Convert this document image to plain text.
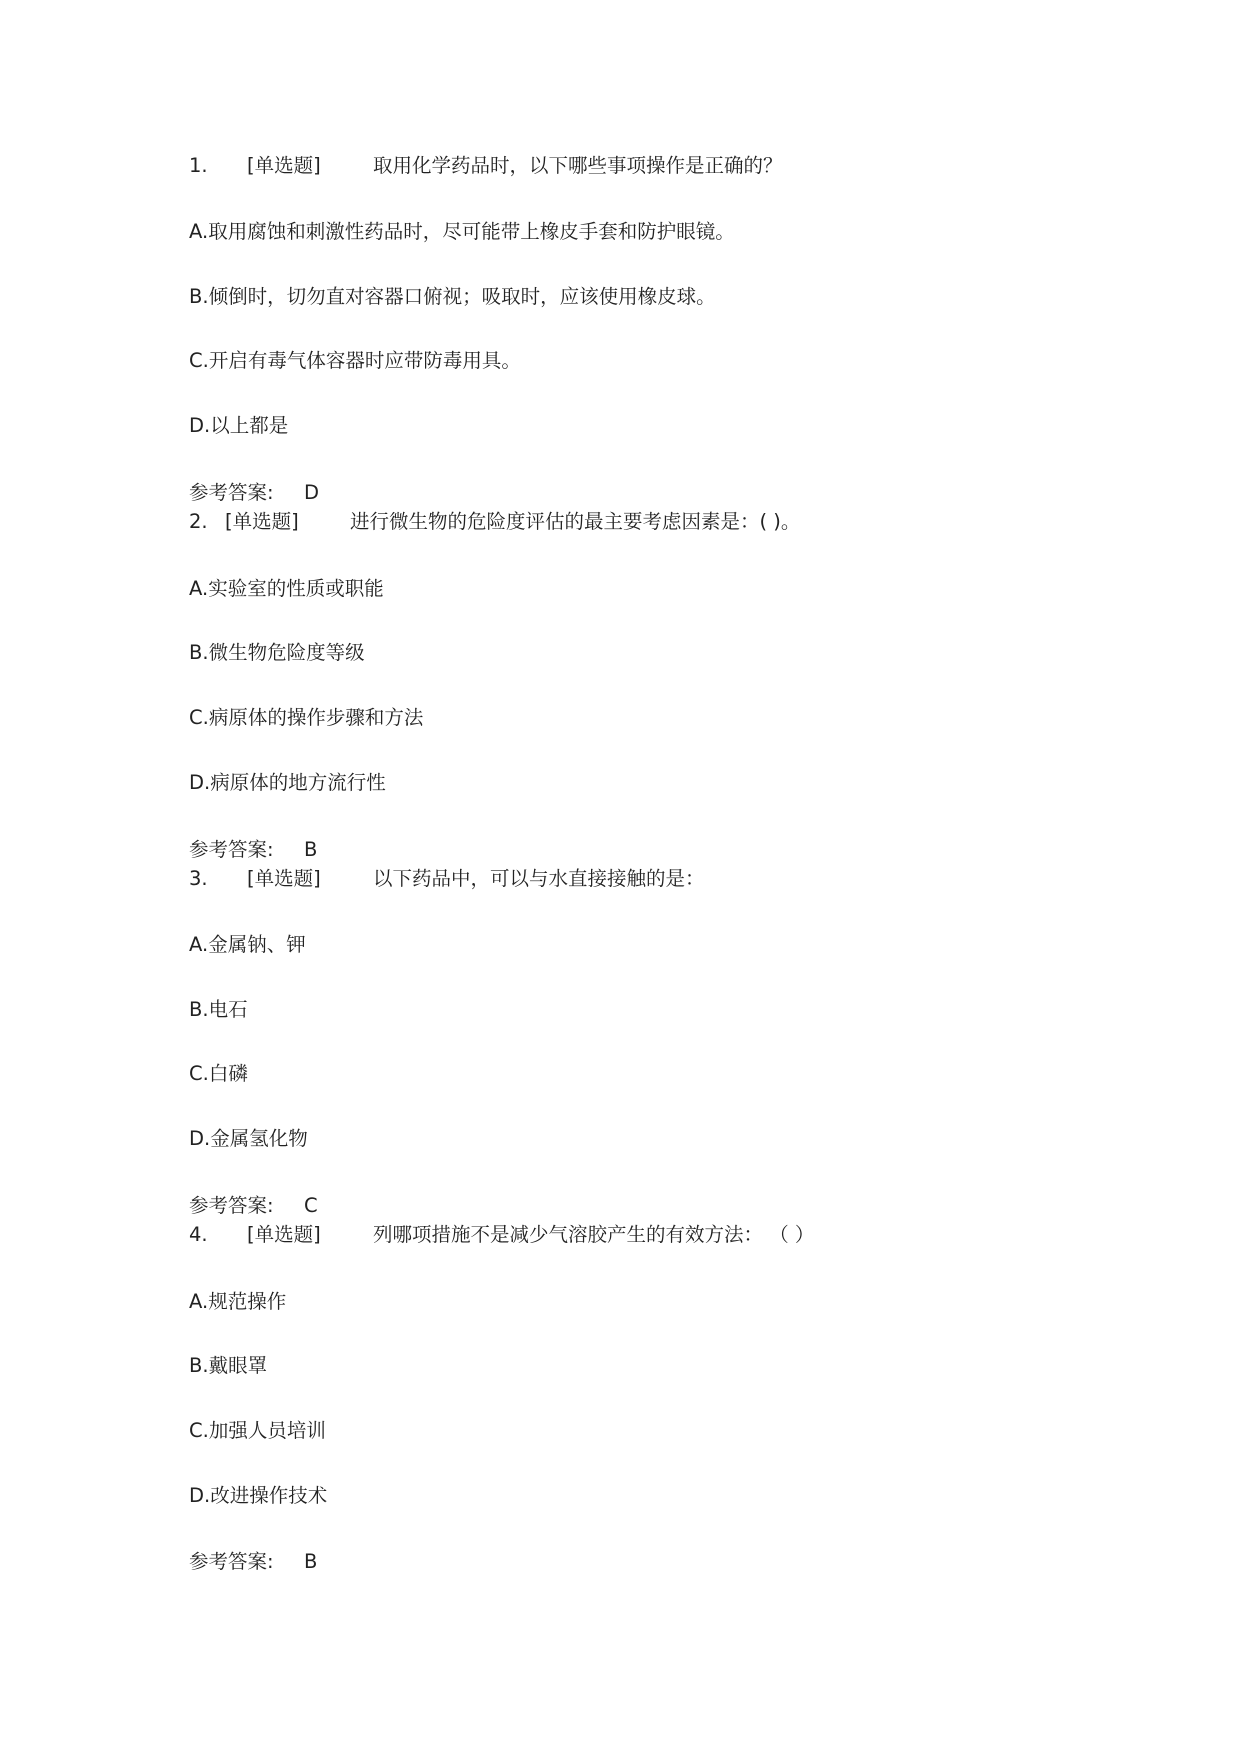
1. [单选题]	取用化学药品时，以下哪些事项操作是正确的？
A.取用腐蚀和刺激性药品时，尽可能带上橡皮手套和防护眼镜。
B.倾倒时，切勿直对容器口俯视；吸取时，应该使用橡皮球。
C.开启有毒气体容器时应带防毒用具。
D.以上都是
参考答案: D
2. [单选题]	进行微生物的危险度评估的最主要考虑因素是：( )。
A.实验室的性质或职能
B.微生物危险度等级
C.病原体的操作步骤和方法
D.病原体的地方流行性
参考答案: B
3. [单选题]	以下药品中，可以与水直接接触的是：
A.金属钠、钾
B.电石
C.白磷
D.金属氢化物
参考答案: C
4. [单选题]	列哪项措施不是减少气溶胶产生的有效方法： （ ）
A.规范操作
B.戴眼罩
C.加强人员培训
D.改进操作技术
参考答案: B
